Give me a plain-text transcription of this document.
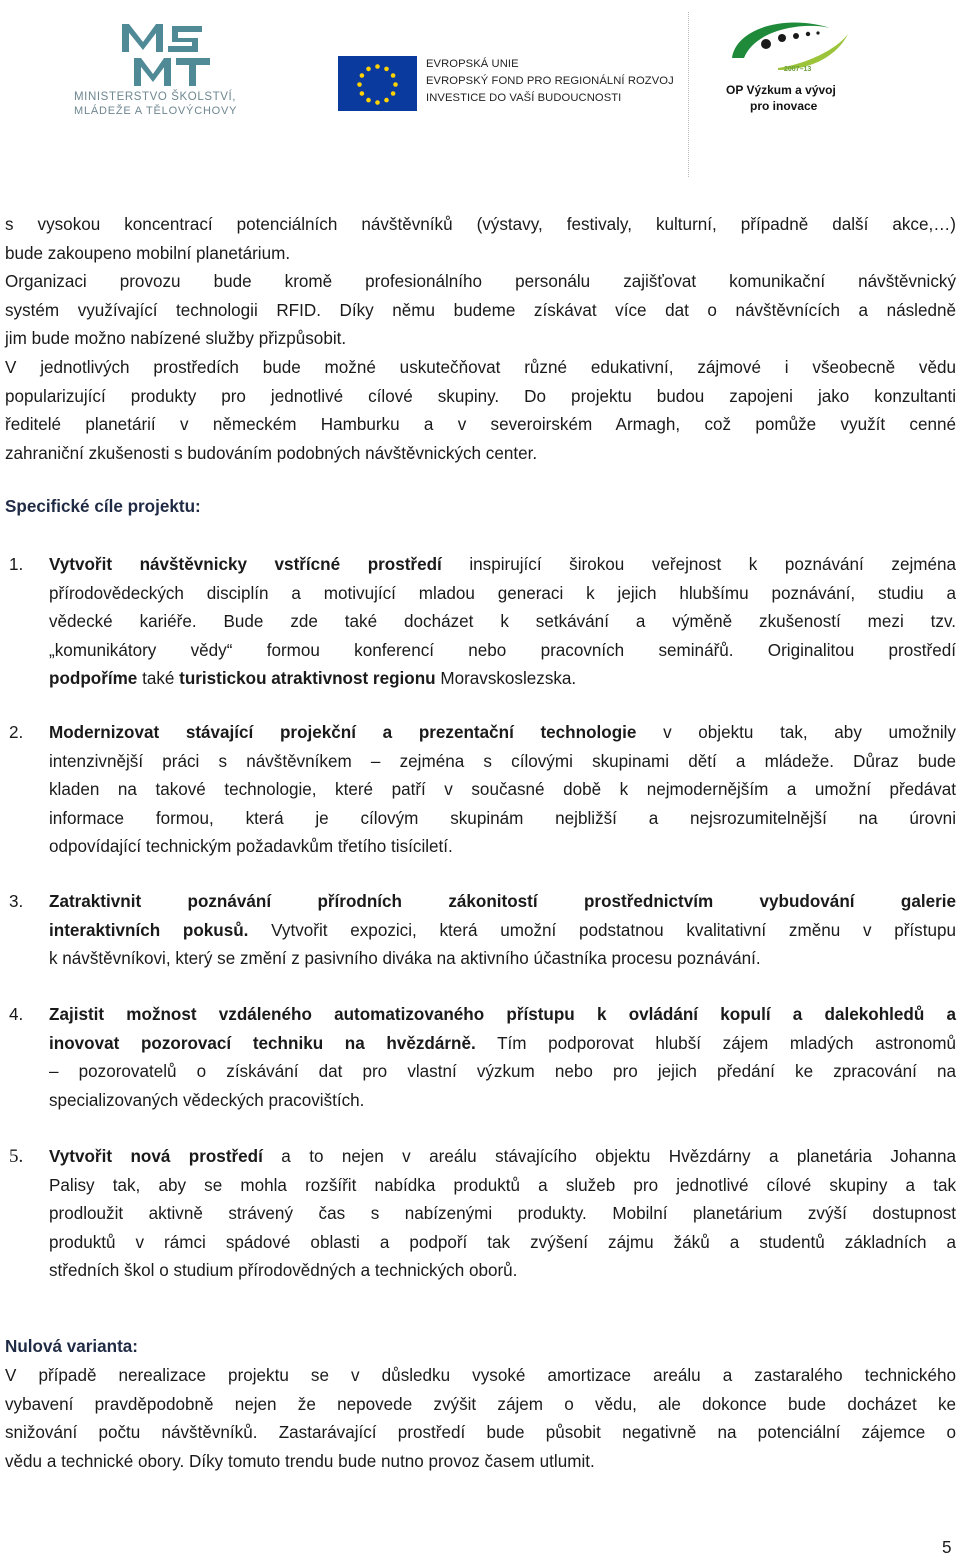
MINISTERSTVO ŠKOLSTVÍ,
MLÁDEŽE A TĚLOVÝCHOVY
EVROPSKÁ UNIE
EVROPSKÝ FOND PRO REGIONÁLNÍ ROZVOJ
INVESTICE DO VAŠÍ BUDOUCNOSTI
2007–13
OP Výzkum a vývoj
pro inovace
s vysokou koncentrací potenciálních návštěvníků (výstavy, festivaly, kulturní, případně další akce,…)
bude zakoupeno mobilní planetárium.
Organizaci provozu bude kromě profesionálního personálu zajišťovat komunikační návštěvnický
systém využívající technologii RFID. Díky němu budeme získávat více dat o návštěvnících a následně
jim bude možno nabízené služby přizpůsobit.
V jednotlivých prostředích bude možné uskutečňovat různé edukativní, zájmové i všeobecně vědu
popularizující produkty pro jednotlivé cílové skupiny. Do projektu budou zapojeni jako konzultanti
ředitelé planetárií v německém Hamburku a v severoirském Armagh, což pomůže využít cenné
zahraniční zkušenosti s budováním podobných návštěvnických center.
Specifické cíle projektu:
1. Vytvořit návštěvnicky vstřícné prostředí inspirující širokou veřejnost k poznávání zejména
přírodovědeckých disciplín a motivující mladou generaci k jejich hlubšímu poznávání, studiu a
vědecké kariéře. Bude zde také docházet k setkávání a výměně zkušeností mezi tzv.
„komunikátory vědy“ formou konferencí nebo pracovních seminářů. Originalitou prostředí
podpoříme také turistickou atraktivnost regionu Moravskoslezska.
2. Modernizovat stávající projekční a prezentační technologie v objektu tak, aby umožnily
intenzivnější práci s návštěvníkem – zejména s cílovými skupinami dětí a mládeže. Důraz bude
kladen na takové technologie, které patří v současné době k nejmodernějším a umožní předávat
informace formou, která je cílovým skupinám nejbližší a nejsrozumitelnější na úrovni
odpovídající technickým požadavkům třetího tisíciletí.
3. Zatraktivnit poznávání přírodních zákonitostí prostřednictvím vybudování galerie
interaktivních pokusů. Vytvořit expozici, která umožní podstatnou kvalitativní změnu v přístupu
k návštěvníkovi, který se změní z pasivního diváka na aktivního účastníka procesu poznávání.
4. Zajistit možnost vzdáleného automatizovaného přístupu k ovládání kopulí a dalekohledů a
inovovat pozorovací techniku na hvězdárně. Tím podporovat hlubší zájem mladých astronomů
– pozorovatelů o získávání dat pro vlastní výzkum nebo pro jejich předání ke zpracování na
specializovaných vědeckých pracovištích.
5. Vytvořit nová prostředí a to nejen v areálu stávajícího objektu Hvězdárny a planetária Johanna
Palisy tak, aby se mohla rozšířit nabídka produktů a služeb pro jednotlivé cílové skupiny a tak
prodloužit aktivně strávený čas s nabízenými produkty. Mobilní planetárium zvýší dostupnost
produktů v rámci spádové oblasti a podpoří tak zvýšení zájmu žáků a studentů základních a
středních škol o studium přírodovědných a technických oborů.
Nulová varianta:
V případě nerealizace projektu se v důsledku vysoké amortizace areálu a zastaralého technického
vybavení pravděpodobně nejen že nepovede zvýšit zájem o vědu, ale dokonce bude docházet ke
snižování počtu návštěvníků. Zastarávající prostředí bude působit negativně na potenciální zájemce o
vědu a technické obory. Díky tomuto trendu bude nutno provoz časem utlumit.
5
